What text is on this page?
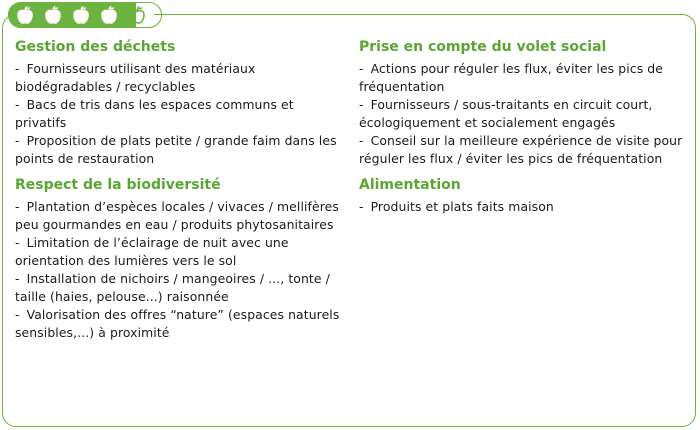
Gestion des déchets
- Fournisseurs utilisant des matériaux biodégradables / recyclables
- Bacs de tris dans les espaces communs et privatifs
- Proposition de plats petite / grande faim dans les points de restauration
Respect de la biodiversité
- Plantation d’espèces locales / vivaces / mellifères peu gourmandes en eau / produits phytosanitaires
- Limitation de l’éclairage de nuit avec une orientation des lumières vers le sol
- Installation de nichoirs / mangeoires / ..., tonte / taille (haies, pelouse...) raisonnée
- Valorisation des offres “nature” (espaces naturels sensibles,...) à proximité
Prise en compte du volet social
- Actions pour réguler les flux, éviter les pics de fréquentation
- Fournisseurs / sous-traitants en circuit court, écologiquement et socialement engagés
- Conseil sur la meilleure expérience de visite pour réguler les flux / éviter les pics de fréquentation
Alimentation
- Produits et plats faits maison
